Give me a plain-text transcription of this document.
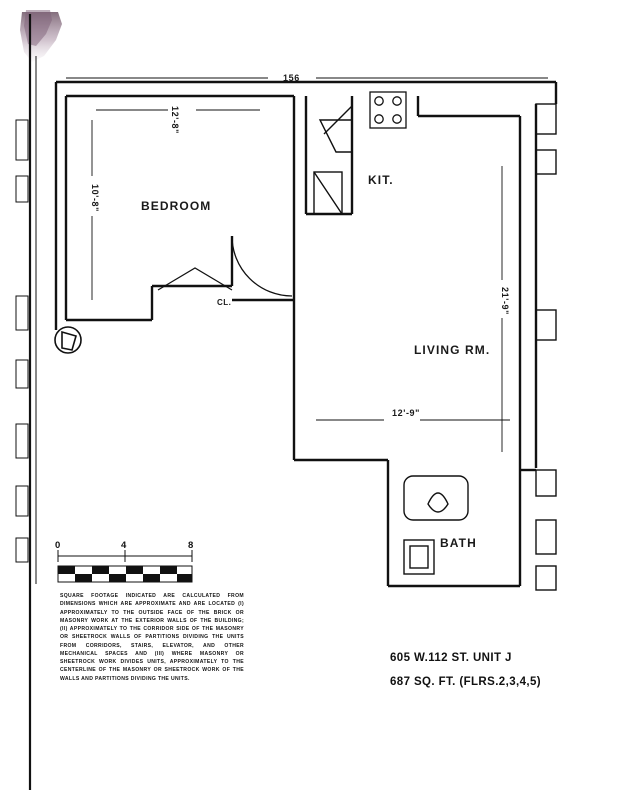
BEDROOM
KIT.
CL.
LIVING RM.
BATH
156
12'-8"
10'-8"
21'-9"
12'-9"
0	4	8
SQUARE FOOTAGE INDICATED ARE CALCULATED FROM DIMENSIONS WHICH ARE APPROXIMATE AND ARE LOCATED (I) APPROXIMATELY TO THE OUTSIDE FACE OF THE BRICK OR MASONRY WORK AT THE EXTERIOR WALLS OF THE BUILDING; (II) APPROXIMATELY TO THE CORRIDOR SIDE OF THE MASONRY OR SHEETROCK WALLS OF PARTITIONS DIVIDING THE UNITS FROM CORRIDORS, STAIRS, ELEVATOR, AND OTHER MECHANICAL SPACES AND (III) WHERE MASONRY OR SHEETROCK WORK DIVIDES UNITS, APPROXIMATELY TO THE CENTERLINE OF THE MASONRY OR SHEETROCK WORK OF THE WALLS AND PARTITIONS DIVIDING THE UNITS.
605 W.112 ST. UNIT J
687 SQ. FT. (FLRS.2,3,4,5)
